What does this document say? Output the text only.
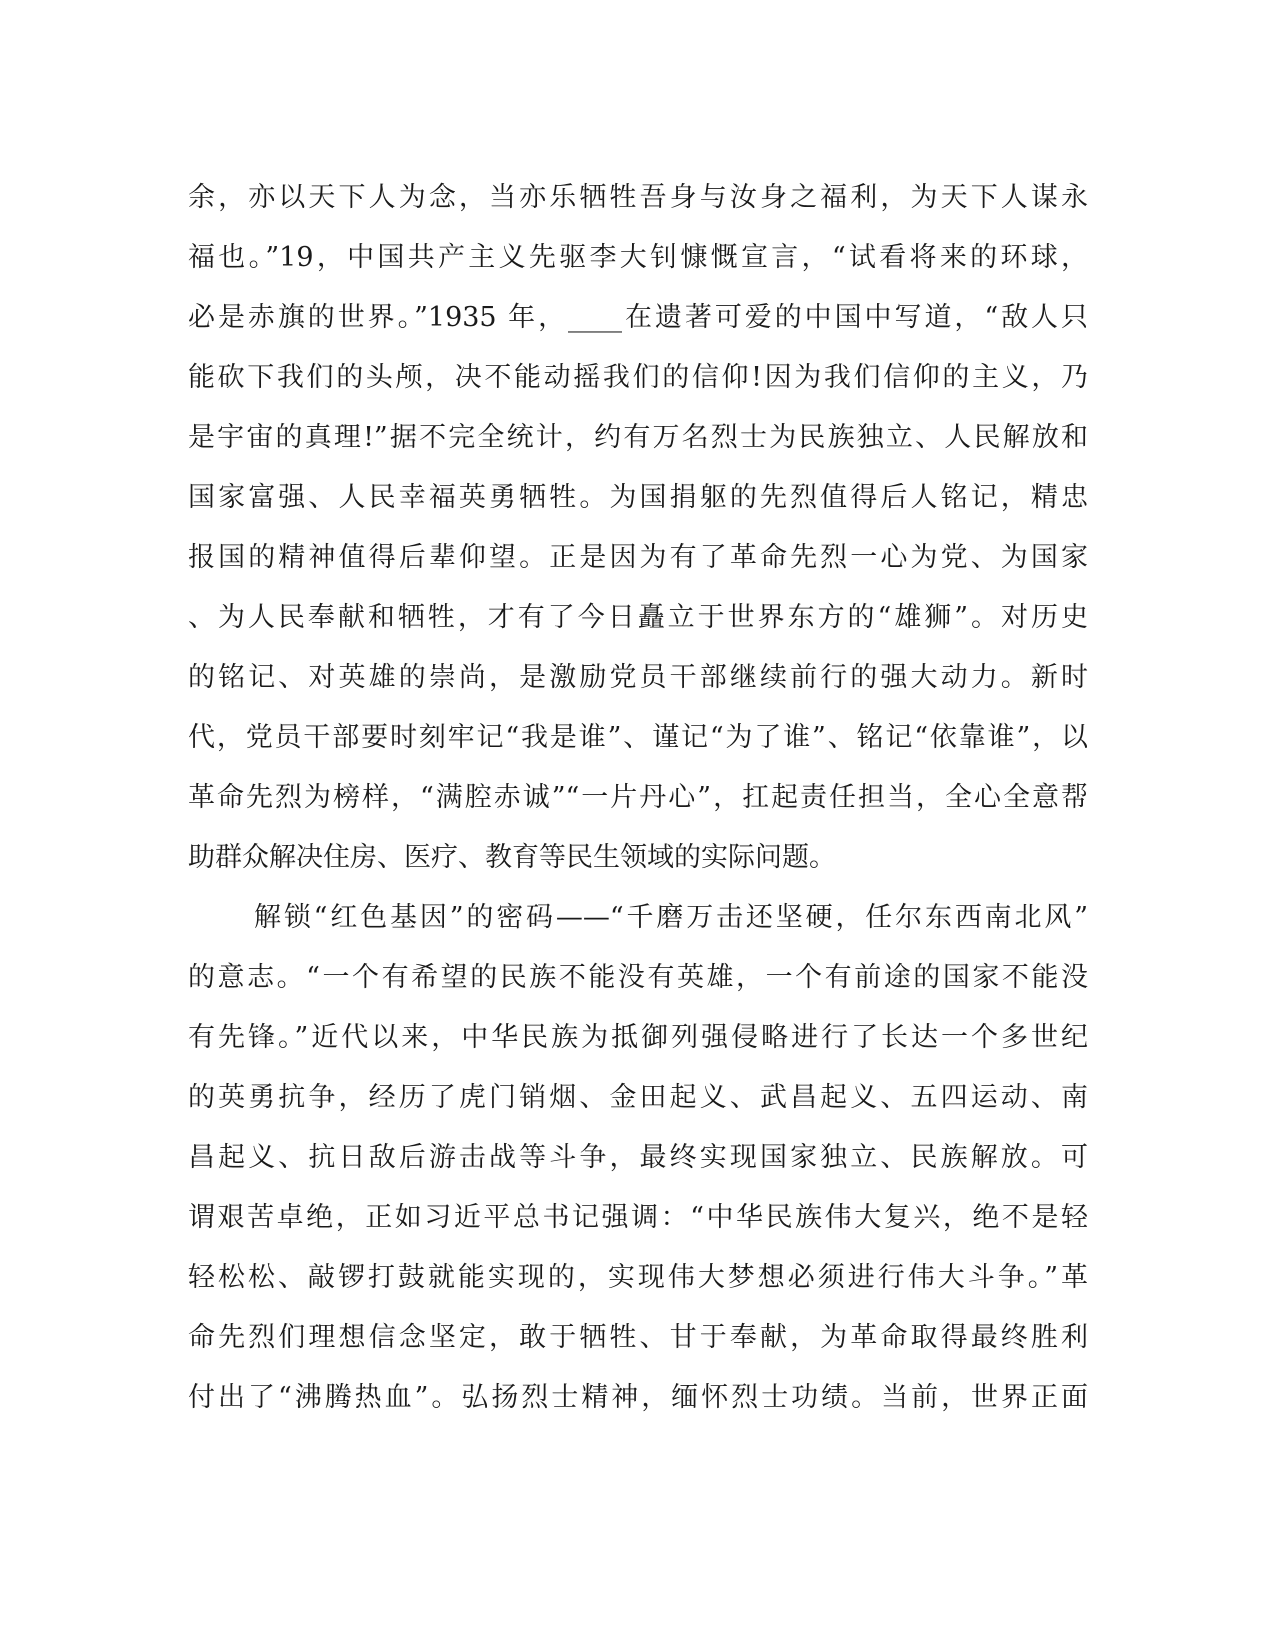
余，亦以天下人为念，当亦乐牺牲吾身与汝身之福利，为天下人谋永
福也。”19，中国共产主义先驱李大钊慷慨宣言，“试看将来的环球，
必是赤旗的世界。”1935 年，____在遗著可爱的中国中写道，“敌人只
能砍下我们的头颅，决不能动摇我们的信仰!因为我们信仰的主义，乃
是宇宙的真理!”据不完全统计，约有万名烈士为民族独立、人民解放和
国家富强、人民幸福英勇牺牲。为国捐躯的先烈值得后人铭记，精忠
报国的精神值得后辈仰望。正是因为有了革命先烈一心为党、为国家
、为人民奉献和牺牲，才有了今日矗立于世界东方的“雄狮”。对历史
的铭记、对英雄的崇尚，是激励党员干部继续前行的强大动力。新时
代，党员干部要时刻牢记“我是谁”、谨记“为了谁”、铭记“依靠谁”，以
革命先烈为榜样，“满腔赤诚”“一片丹心”，扛起责任担当，全心全意帮
助群众解决住房、医疗、教育等民生领域的实际问题。
解锁“红色基因”的密码——“千磨万击还坚硬，任尔东西南北风”
的意志。“一个有希望的民族不能没有英雄，一个有前途的国家不能没
有先锋。”近代以来，中华民族为抵御列强侵略进行了长达一个多世纪
的英勇抗争，经历了虎门销烟、金田起义、武昌起义、五四运动、南
昌起义、抗日敌后游击战等斗争，最终实现国家独立、民族解放。可
谓艰苦卓绝，正如习近平总书记强调：“中华民族伟大复兴，绝不是轻
轻松松、敲锣打鼓就能实现的，实现伟大梦想必须进行伟大斗争。”革
命先烈们理想信念坚定，敢于牺牲、甘于奉献，为革命取得最终胜利
付出了“沸腾热血”。弘扬烈士精神，缅怀烈士功绩。当前，世界正面
